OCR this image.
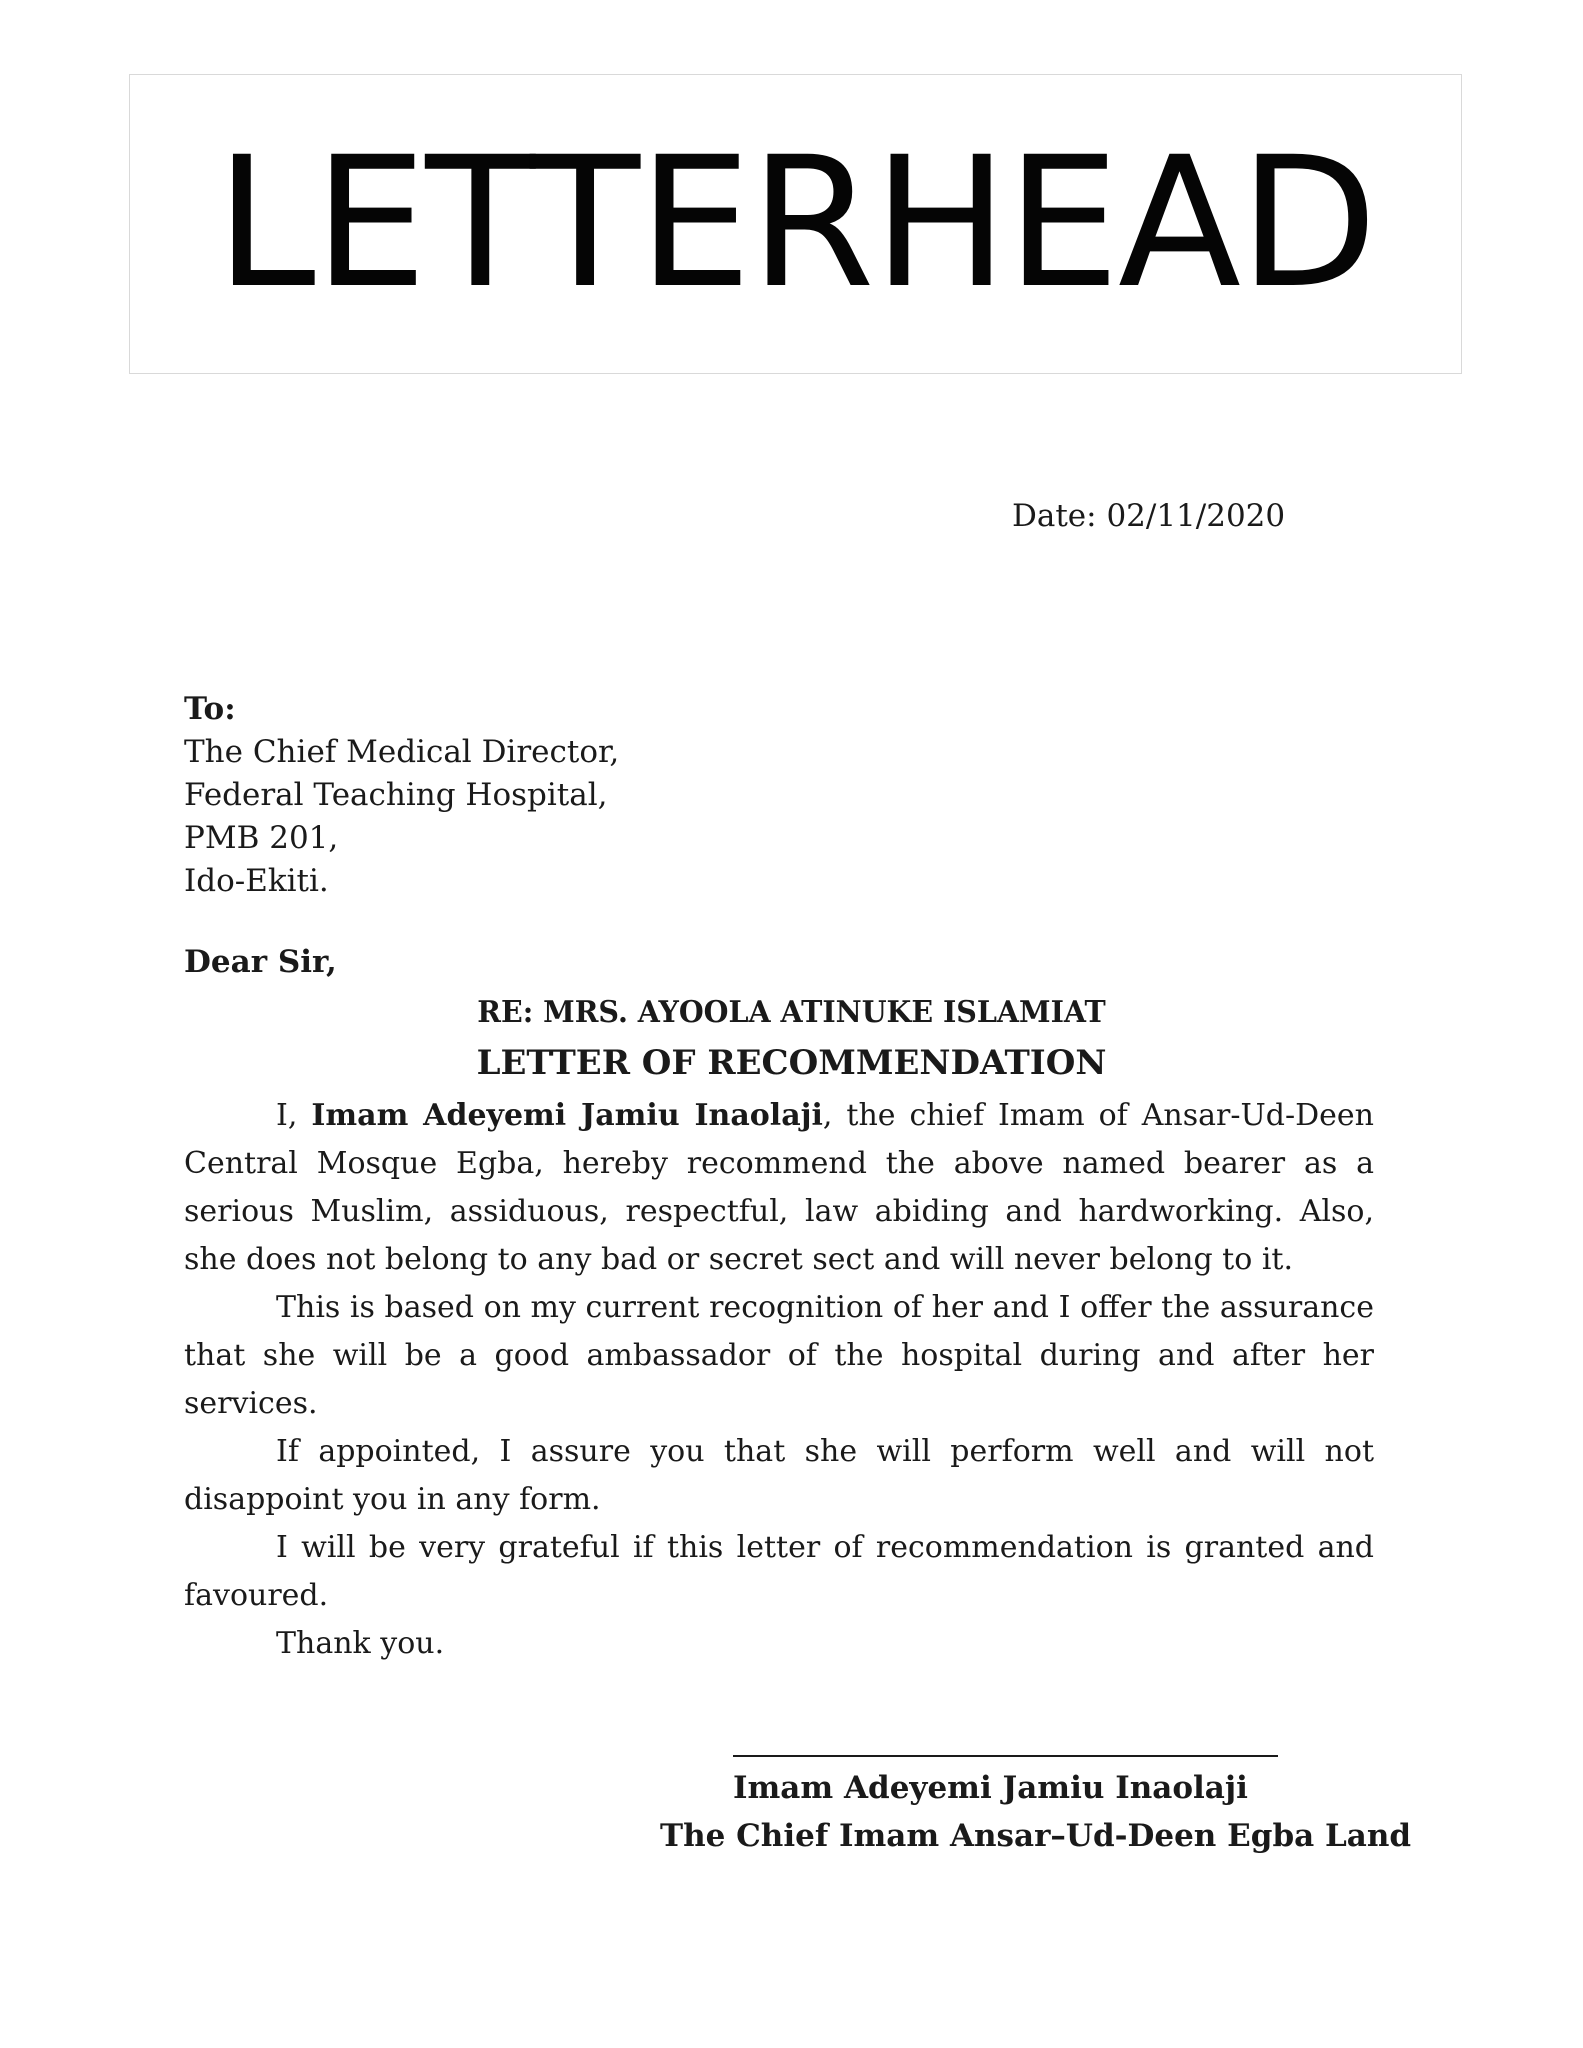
LETTERHEAD
Date: 02/11/2020
To:
The Chief Medical Director,
Federal Teaching Hospital,
PMB 201,
Ido-Ekiti.
Dear Sir,
RE: MRS. AYOOLA ATINUKE ISLAMIAT
LETTER OF RECOMMENDATION

I, Imam Adeyemi Jamiu Inaolaji, the chief Imam of Ansar-Ud-Deen Central Mosque Egba, hereby recommend the above named bearer as a serious Muslim, assiduous, respectful, law abiding and hardworking. Also, she does not belong to any bad or secret sect and will never belong to it.

This is based on my current recognition of her and I offer the assurance that she will be a good ambassador of the hospital during and after her services.

If appointed, I assure you that she will perform well and will not disappoint you in any form.

I will be very grateful if this letter of recommendation is granted and favoured.

Thank you.

Imam Adeyemi Jamiu Inaolaji
The Chief Imam Ansar–Ud-Deen Egba Land
